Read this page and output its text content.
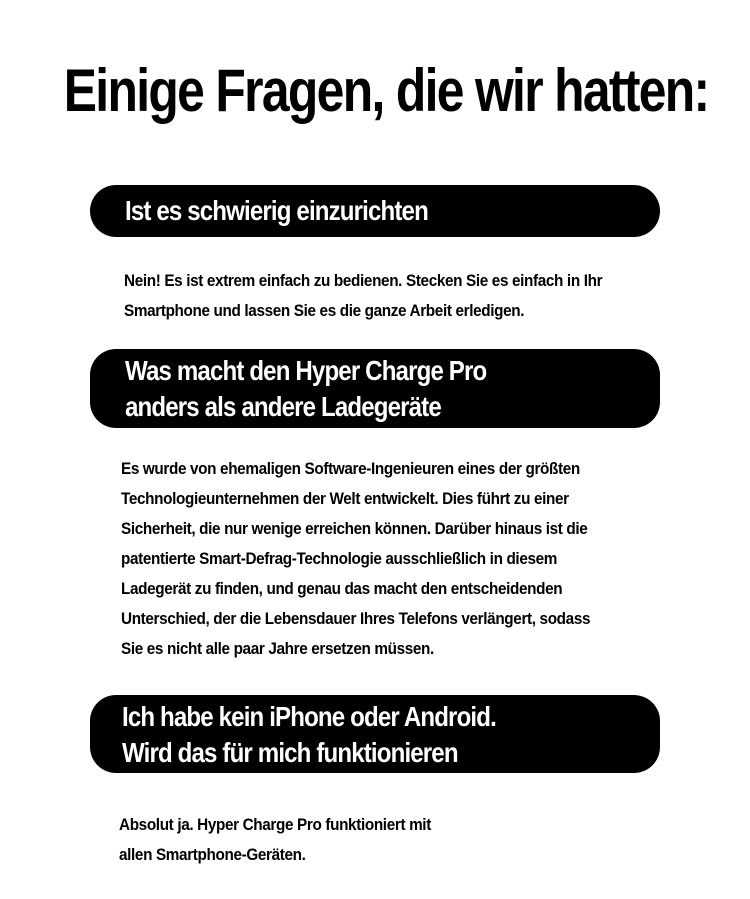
Einige Fragen, die wir hatten:
Ist es schwierig einzurichten
Nein! Es ist extrem einfach zu bedienen. Stecken Sie es einfach in Ihr
Smartphone und lassen Sie es die ganze Arbeit erledigen.
Was macht den Hyper Charge Pro
anders als andere Ladegeräte
Es wurde von ehemaligen Software-Ingenieuren eines der größten
Technologieunternehmen der Welt entwickelt. Dies führt zu einer
Sicherheit, die nur wenige erreichen können. Darüber hinaus ist die
patentierte Smart-Defrag-Technologie ausschließlich in diesem
Ladegerät zu finden, und genau das macht den entscheidenden
Unterschied, der die Lebensdauer Ihres Telefons verlängert, sodass
Sie es nicht alle paar Jahre ersetzen müssen.
Ich habe kein iPhone oder Android.
Wird das für mich funktionieren
Absolut ja. Hyper Charge Pro funktioniert mit
allen Smartphone-Geräten.
